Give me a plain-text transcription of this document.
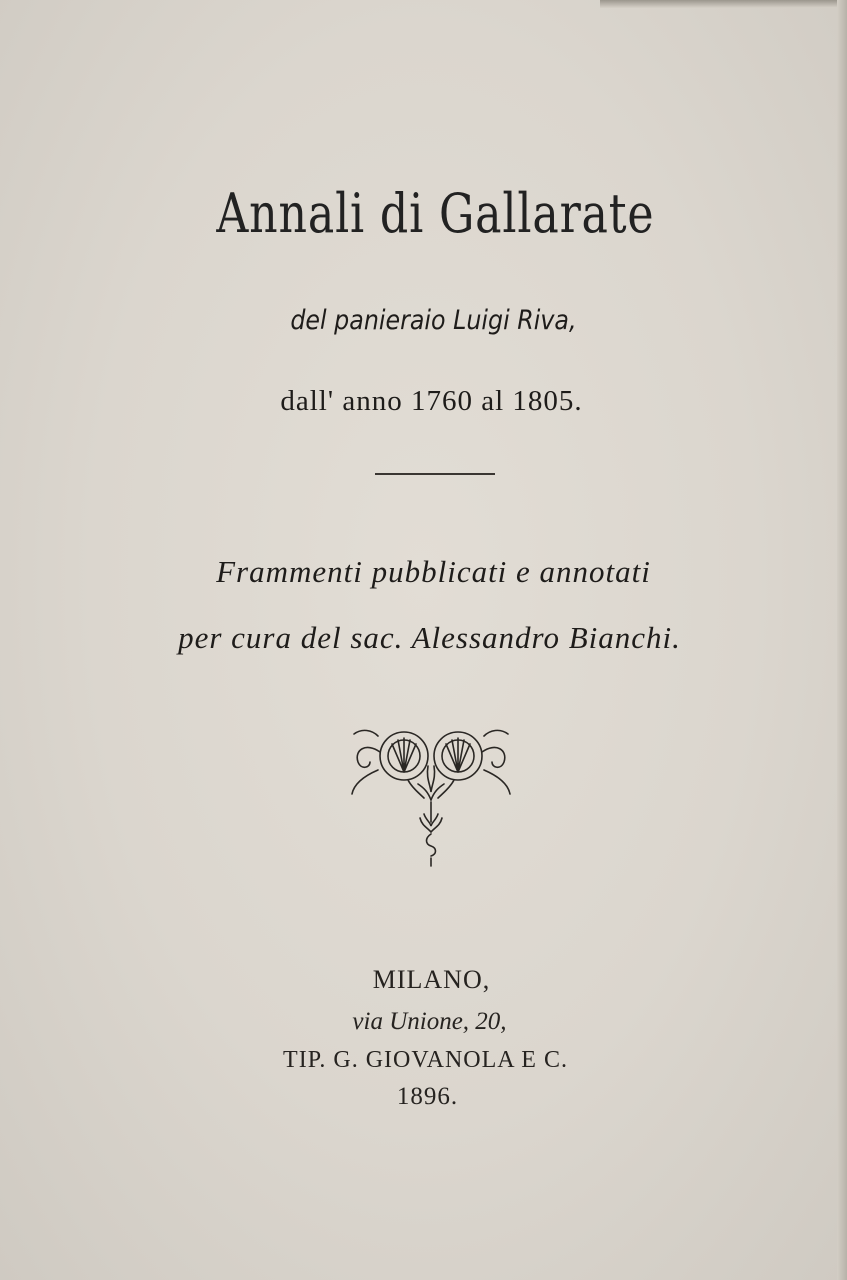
Annali di Gallarate
del panieraio Luigi Riva,
dall' anno 1760 al 1805.
Frammenti pubblicati e annotati
per cura del sac. Alessandro Bianchi.
MILANO,
via Unione, 20,
TIP. G. GIOVANOLA E C.
1896.
